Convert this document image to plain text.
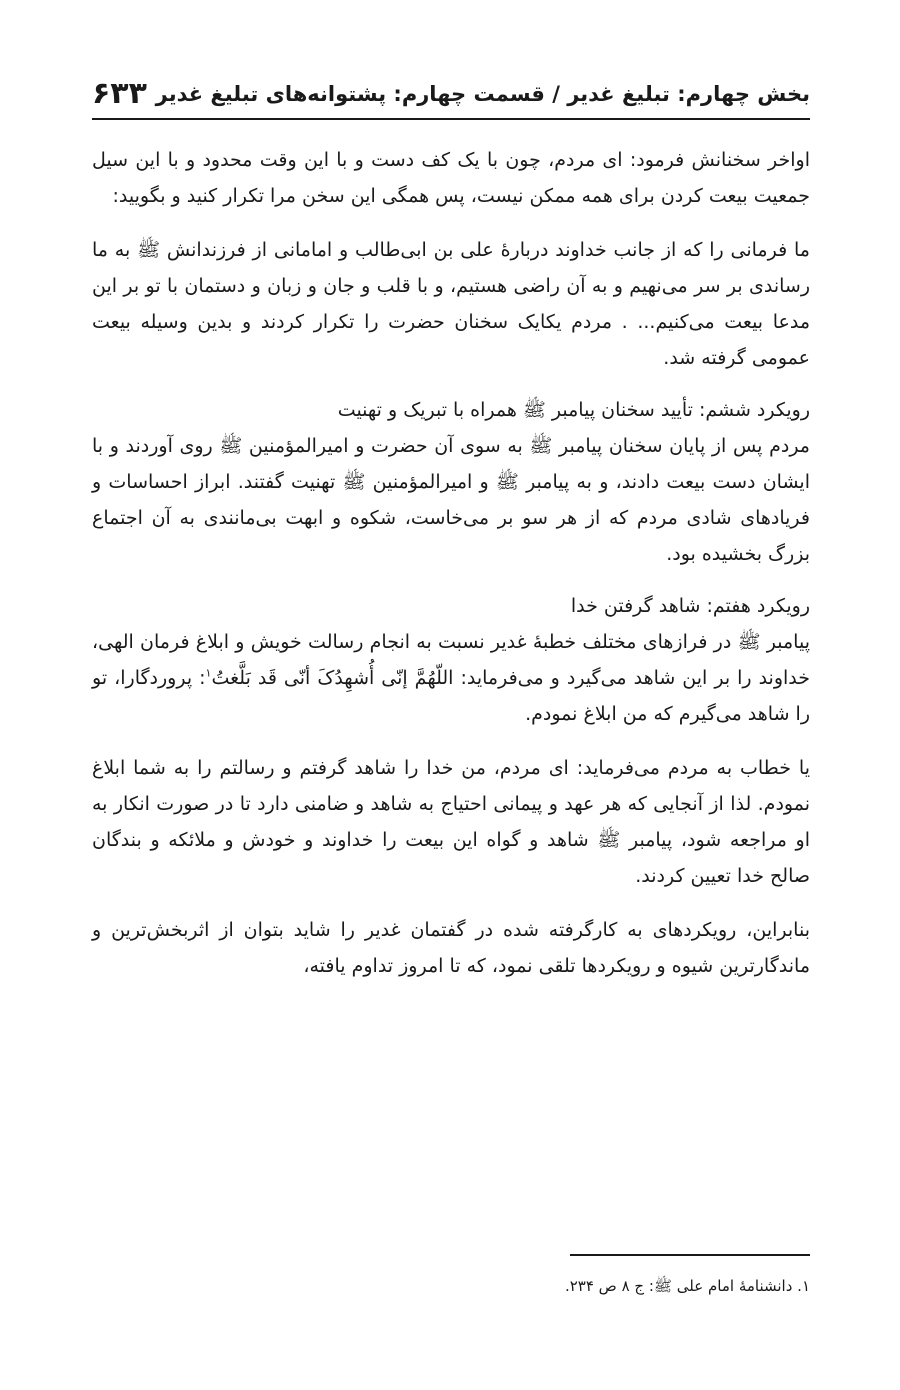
بخش چهارم: تبلیغ غدیر / قسمت چهارم: پشتوانه‌های تبلیغ غدیر
۶۳۳

اواخر سخنانش فرمود: ای مردم، چون با یک کف دست و با این وقت محدود و با این سیل جمعیت بیعت کردن برای همه ممکن نیست، پس همگی این سخن مرا تکرار کنید و بگویید:

ما فرمانی را که از جانب خداوند دربارهٔ علی بن ابی‌طالب و امامانی از فرزندانش ﷺ به ما رساندی بر سر می‌نهیم و به آن راضی هستیم، و با قلب و جان و زبان و دستمان با تو بر این مدعا بیعت می‌کنیم... . مردم یکایک سخنان حضرت را تکرار کردند و بدین وسیله بیعت عمومی گرفته شد.

رویکرد ششم: تأیید سخنان پیامبر ﷺ همراه با تبریک و تهنیت

مردم پس از پایان سخنان پیامبر ﷺ به سوی آن حضرت و امیرالمؤمنین ﷺ روی آوردند و با ایشان دست بیعت دادند، و به پیامبر ﷺ و امیرالمؤمنین ﷺ تهنیت گفتند. ابراز احساسات و فریادهای شادی مردم که از هر سو بر می‌خاست، شکوه و ابهت بی‌مانندی به آن اجتماع بزرگ بخشیده بود.

رویکرد هفتم: شاهد گرفتن خدا

پیامبر ﷺ در فرازهای مختلف خطبهٔ غدیر نسبت به انجام رسالت خویش و ابلاغ فرمان الهی، خداوند را بر این شاهد می‌گیرد و می‌فرماید: اللّهُمَّ إنّی أُشهِدُکَ أنّی قَد بَلَّغتُ$^۱$: پروردگارا، تو را شاهد می‌گیرم که من ابلاغ نمودم.

یا خطاب به مردم می‌فرماید: ای مردم، من خدا را شاهد گرفتم و رسالتم را به شما ابلاغ نمودم. لذا از آنجایی که هر عهد و پیمانی احتیاج به شاهد و ضامنی دارد تا در صورت انکار به او مراجعه شود، پیامبر ﷺ شاهد و گواه این بیعت را خداوند و خودش و ملائکه و بندگان صالح خدا تعیین کردند.

بنابراین، رویکردهای به کارگرفته شده در گفتمان غدیر را شاید بتوان از اثربخش‌ترین و ماندگارترین شیوه و رویکردها تلقی نمود، که تا امروز تداوم یافته،

۱. دانشنامهٔ امام علی ﷺ: ج ۸ ص ۲۳۴.
